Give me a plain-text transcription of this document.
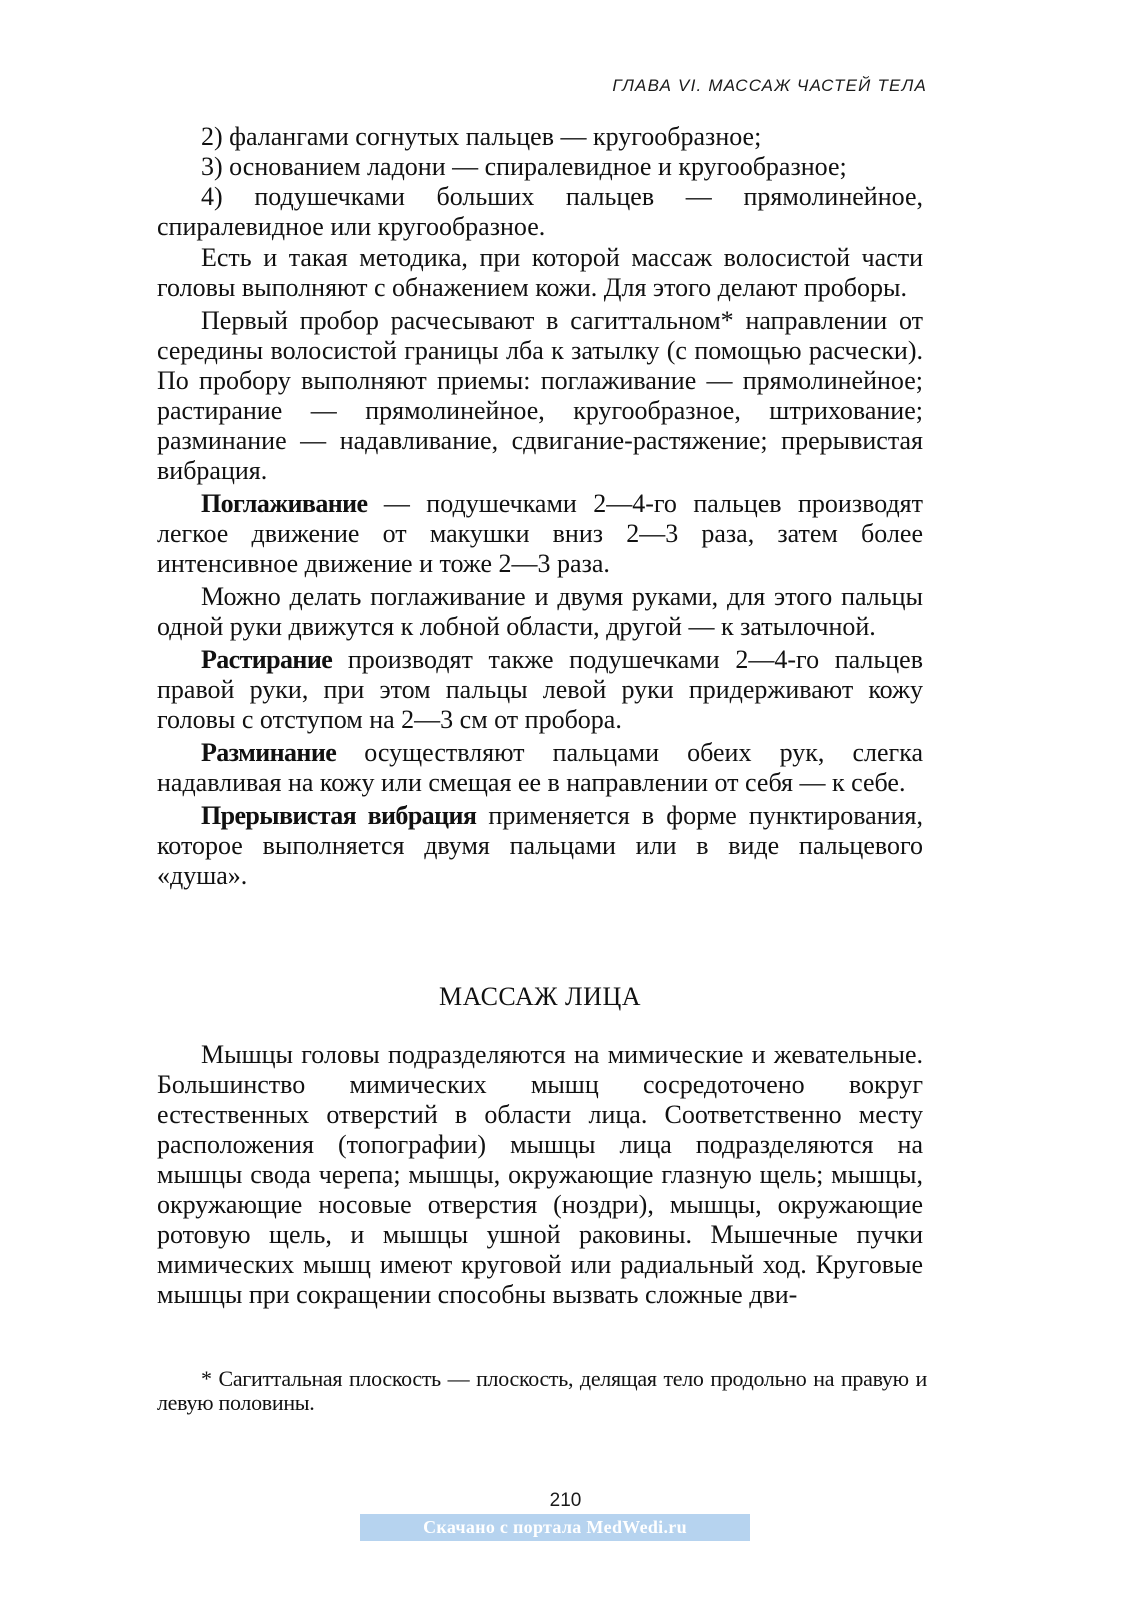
ГЛАВА VI. МАССАЖ ЧАСТЕЙ ТЕЛА

2) фалангами согнутых пальцев — кругообразное;

3) основанием ладони — спиралевидное и кругообразное;

4) подушечками больших пальцев — прямолинейное, спиралевидное или кругообразное.

Есть и такая методика, при которой массаж волосистой части головы выполняют с обнажением кожи. Для этого делают проборы.

Первый пробор расчесывают в сагиттальном* направлении от середины волосистой границы лба к затылку (с помощью расчески). По пробору выполняют приемы: поглаживание — прямолинейное; растирание — прямолинейное, кругообразное, штрихование; разминание — надавливание, сдвигание-растяжение; прерывистая вибрация.

Поглаживание — подушечками 2—4-го пальцев производят легкое движение от макушки вниз 2—3 раза, затем более интенсивное движение и тоже 2—3 раза.

Можно делать поглаживание и двумя руками, для этого пальцы одной руки движутся к лобной области, другой — к затылочной.

Растирание производят также подушечками 2—4-го пальцев правой руки, при этом пальцы левой руки придерживают кожу головы с отступом на 2—3 см от пробора.

Разминание осуществляют пальцами обеих рук, слегка надавливая на кожу или смещая ее в направлении от себя — к себе.

Прерывистая вибрация применяется в форме пунктирования, которое выполняется двумя пальцами или в виде пальцевого «душа».

МАССАЖ ЛИЦА

Мышцы головы подразделяются на мимические и жевательные. Большинство мимических мышц сосредоточено вокруг естественных отверстий в области лица. Соответственно месту расположения (топографии) мышцы лица подразделяются на мышцы свода черепа; мышцы, окружающие глазную щель; мышцы, окружающие носовые отверстия (ноздри), мышцы, окружающие ротовую щель, и мышцы ушной раковины. Мышечные пучки мимических мышц имеют круговой или радиальный ход. Круговые мышцы при сокращении способны вызвать сложные дви-

* Сагиттальная плоскость — плоскость, делящая тело продольно на правую и левую половины.
210
Скачано с портала MedWedi.ru
